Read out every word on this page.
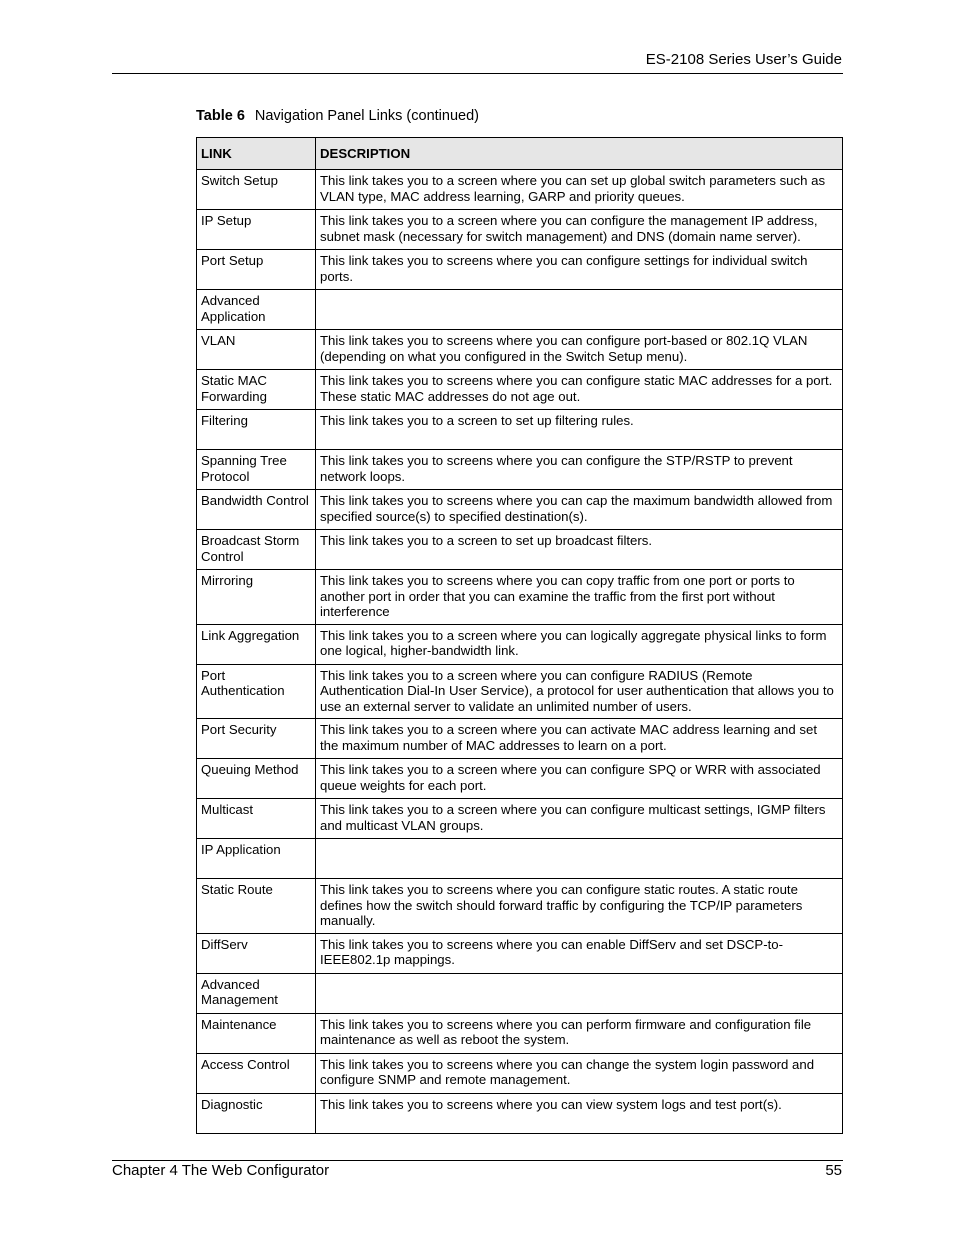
ES-2108 Series User’s Guide
Table 6 Navigation Panel Links (continued)
LINK	DESCRIPTION
Switch Setup	This link takes you to a screen where you can set up global switch parameters such as VLAN type, MAC address learning, GARP and priority queues.
IP Setup	This link takes you to a screen where you can configure the management IP address, subnet mask (necessary for switch management) and DNS (domain name server).
Port Setup	This link takes you to screens where you can configure settings for individual switch ports.
Advanced Application	
VLAN	This link takes you to screens where you can configure port-based or 802.1Q VLAN (depending on what you configured in the Switch Setup menu).
Static MAC Forwarding	This link takes you to screens where you can configure static MAC addresses for a port. These static MAC addresses do not age out.
Filtering	This link takes you to a screen to set up filtering rules.
Spanning Tree Protocol	This link takes you to screens where you can configure the STP/RSTP to prevent network loops.
Bandwidth Control	This link takes you to screens where you can cap the maximum bandwidth allowed from specified source(s) to specified destination(s).
Broadcast Storm Control	This link takes you to a screen to set up broadcast filters.
Mirroring	This link takes you to screens where you can copy traffic from one port or ports to another port in order that you can examine the traffic from the first port without interference
Link Aggregation	This link takes you to a screen where you can logically aggregate physical links to form one logical, higher-bandwidth link.
Port Authentication	This link takes you to a screen where you can configure RADIUS (Remote Authentication Dial-In User Service), a protocol for user authentication that allows you to use an external server to validate an unlimited number of users.
Port Security	This link takes you to a screen where you can activate MAC address learning and set the maximum number of MAC addresses to learn on a port.
Queuing Method	This link takes you to a screen where you can configure SPQ or WRR with associated queue weights for each port.
Multicast	This link takes you to a screen where you can configure multicast settings, IGMP filters and multicast VLAN groups.
IP Application	
Static Route	This link takes you to screens where you can configure static routes. A static route defines how the switch should forward traffic by configuring the TCP/IP parameters manually.
DiffServ	This link takes you to screens where you can enable DiffServ and set DSCP-to-IEEE802.1p mappings.
Advanced Management	
Maintenance	This link takes you to screens where you can perform firmware and configuration file maintenance as well as reboot the system.
Access Control	This link takes you to screens where you can change the system login password and configure SNMP and remote management.
Diagnostic	This link takes you to screens where you can view system logs and test port(s).
Chapter 4 The Web Configurator	55
